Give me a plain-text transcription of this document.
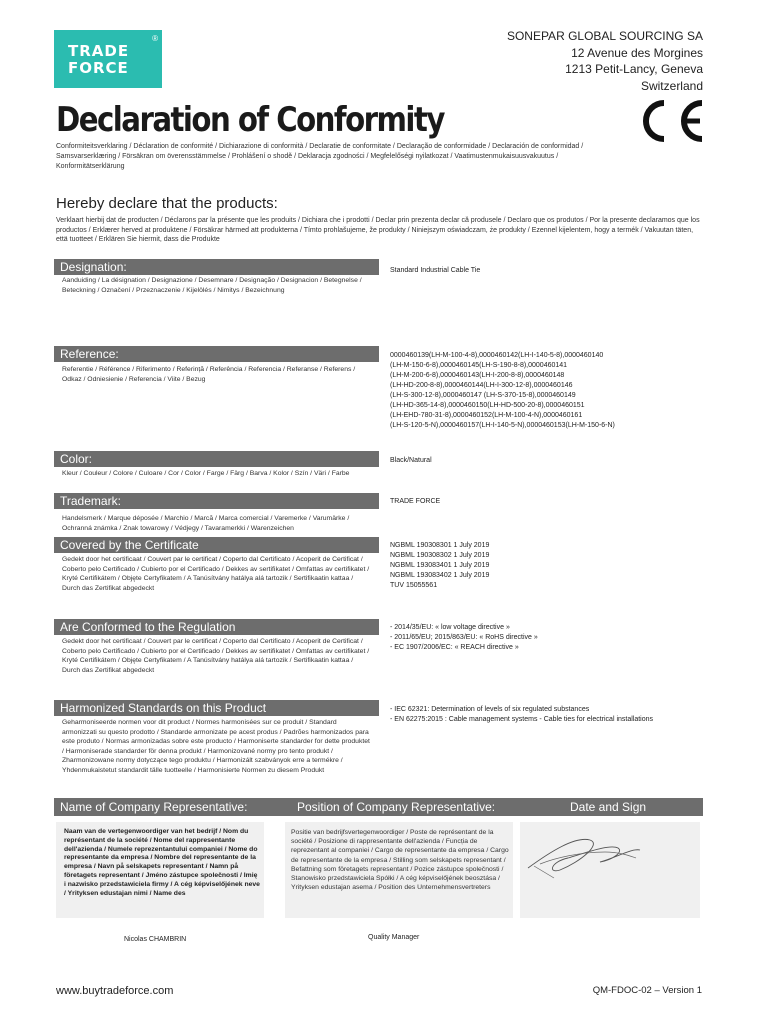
TRADE
FORCE
®	SONEPAR GLOBAL SOURCING SA
12 Avenue des Morgines
1213 Petit-Lancy, Geneva
Switzerland
Declaration of Conformity
Conformiteitsverklaring / Déclaration de conformité / Dichiarazione di conformità / Declaratie de conformitate / Declaração de conformidade / Declaración de conformidad / Samsvarserklæring / Försäkran om överensstämmelse / Prohlášení o shodě / Deklaracja zgodności / Megfelelőségi nyilatkozat / Vaatimustenmukaisuusvakuutus / Konformitätserklärung
Hereby declare that the products:
Verklaart hierbij dat de producten / Déclarons par la présente que les produits / Dichiara che i prodotti / Declar prin prezenta declar că produsele / Declaro que os produtos / Por la presente declaramos que los productos / Erklærer herved at produktene / Försäkrar härmed att produkterna / Tímto prohlašujeme, že produkty / Niniejszym oświadczam, że produkty / Ezennel kijelentem, hogy a termék / Vakuutan täten, että tuotteet / Erklären Sie hiermit, dass die Produkte
Designation:
Aanduiding / La désignation / Designazione / Desemnare / Designação / Designacion / Betegnelse / Beteckning / Označení / Przeznaczenie / Kijelölés / Nimitys / Bezeichnung
Standard Industrial Cable Tie
Reference:
Referentie / Référence / Riferimento / Referință / Referência / Referencia / Referanse / Referens / Odkaz / Odniesienie / Referencia / Viite / Bezug
0000460139(LH-M-100-4-8),0000460142(LH-I-140-5-8),0000460140
(LH-M-150-6-8),0000460145(LH-S-190-8-8),0000460141
(LH-M-200-6-8),0000460143(LH-I-200-8-8),0000460148
(LH-HD-200-8-8),0000460144(LH-I-300-12-8),0000460146
(LH-S-300-12-8),0000460147 (LH-S-370-15-8),0000460149
(LH-HD-365-14-8),0000460150(LH-HD-500-20-8),0000460151
(LH-EHD-780-31-8),0000460152(LH-M-100-4-N),0000460161
(LH-S-120-5-N),0000460157(LH-I-140-5-N),0000460153(LH-M-150-6-N)
Color:
Kleur / Couleur / Colore / Culoare / Cor / Color / Farge / Färg / Barva / Kolor / Szín / Väri / Farbe
Black/Natural
Trademark:
Handelsmerk / Marque déposée / Marchio / Marcă / Marca comercial / Varemerke / Varumärke / Ochranná známka / Znak towarowy / Védjegy / Tavaramerkki / Warenzeichen
TRADE FORCE
Covered by the Certificate
Gedekt door het certificaat / Couvert par le certificat / Coperto dal Certificato / Acoperit de Certificat / Coberto pelo Certificado / Cubierto por el Certificado / Dekkes av sertifikatet / Omfattas av certifikatet / Kryté Certifikátem / Objęte Certyfikatem / A Tanúsítvány hatálya alá tartozik / Sertifikaatin kattaa / Durch das Zertifikat abgedeckt
NGBML 190308301 1 July 2019
NGBML 190308302 1 July 2019
NGBML 193083401 1 July 2019
NGBML 193083402 1 July 2019
TUV 15055561
Are Conformed to the Regulation
Gedekt door het certificaat / Couvert par le certificat / Coperto dal Certificato / Acoperit de Certificat / Coberto pelo Certificado / Cubierto por el Certificado / Dekkes av sertifikatet / Omfattas av certifikatet / Kryté Certifikátem / Objęte Certyfikatem / A Tanúsítvány hatálya alá tartozik / Sertifikaatin kattaa / Durch das Zertifikat abgedeckt
- 2014/35/EU: « low voltage directive »
- 2011/65/EU; 2015/863/EU: « RoHS directive »
- EC 1907/2006/EC: « REACH directive »
Harmonized Standards on this Product
Geharmoniseerde normen voor dit product / Normes harmonisées sur ce produit / Standard armonizzati su questo prodotto / Standarde armonizate pe acest produs / Padrões harmonizados para este produto / Normas armonizadas sobre este producto / Harmoniserte standarder for dette produktet / Harmoniserade standarder för denna produkt / Harmonizované normy pro tento produkt / Zharmonizowane normy dotyczące tego produktu / Harmonizált szabványok erre a termékre / Yhdenmukaistetut standardit tälle tuotteelle / Harmonisierte Normen zu diesem Produkt
- IEC 62321: Determination of levels of six regulated substances
- EN 62275:2015 : Cable management systems - Cable ties for electrical installations
Name of Company Representative:	Position of Company Representative:	Date and Sign
Naam van de vertegenwoordiger van het bedrijf / Nom du représentant de la société / Nome del rappresentante dell'azienda / Numele reprezentantului companiei / Nome do representante da empresa / Nombre del representante de la empresa / Navn på selskapets representant / Namn på företagets representant / Jméno zástupce společnosti / Imię i nazwisko przedstawiciela firmy / A cég képviselőjének neve / Yrityksen edustajan nimi / Name des
Positie van bedrijfsvertegenwoordiger / Poste de représentant de la société / Posizione di rappresentante dell'azienda / Funcția de reprezentant al companiei / Cargo de representante da empresa / Cargo de representante de la empresa / Stilling som selskapets representant / Befattning som företagets representant / Pozice zástupce společnosti / Stanowisko przedstawiciela Spółki / A cég képviselőjének beosztása / Yrityksen edustajan asema / Position des Unternehmensvertreters
Nicolas CHAMBRIN	Quality Manager
www.buytradeforce.com	QM-FDOC-02 – Version 1
